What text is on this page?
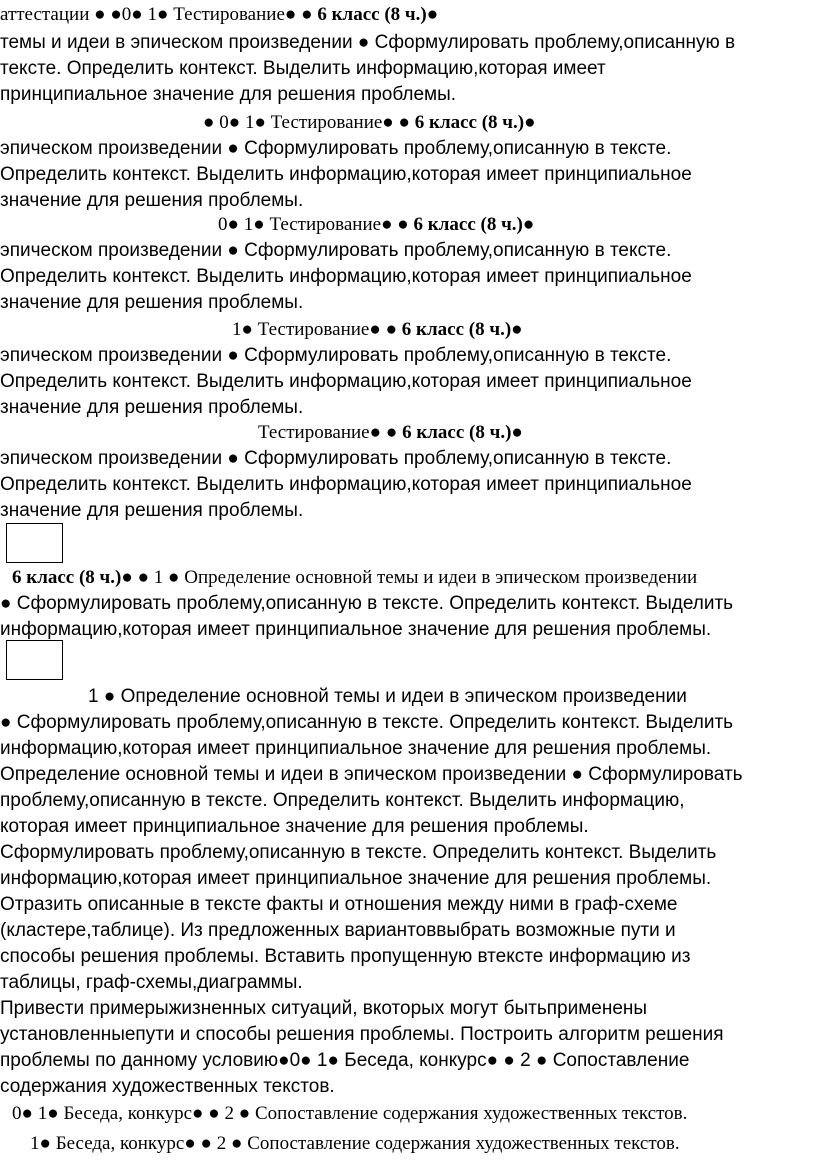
аттестации ● ●0● 1● Тестирование● ● 6 класс (8 ч.)●
темы и идеи в эпическом произведении ● Сформулировать проблему,описанную в
тексте. Определить контекст. Выделить информацию,которая имеет
принципиальное значение для решения проблемы.
● 0● 1● Тестирование● ● 6 класс (8 ч.)●
эпическом произведении ● Сформулировать проблему,описанную в тексте.
Определить контекст. Выделить информацию,которая имеет принципиальное
значение для решения проблемы.
0● 1● Тестирование● ● 6 класс (8 ч.)●
эпическом произведении ● Сформулировать проблему,описанную в тексте.
Определить контекст. Выделить информацию,которая имеет принципиальное
значение для решения проблемы.
1● Тестирование● ● 6 класс (8 ч.)●
эпическом произведении ● Сформулировать проблему,описанную в тексте.
Определить контекст. Выделить информацию,которая имеет принципиальное
значение для решения проблемы.
Тестирование● ● 6 класс (8 ч.)●
эпическом произведении ● Сформулировать проблему,описанную в тексте.
Определить контекст. Выделить информацию,которая имеет принципиальное
значение для решения проблемы.
6 класс (8 ч.)● ● 1 ● Определение основной темы и идеи в эпическом произведении
● Сформулировать проблему,описанную в тексте. Определить контекст. Выделить
информацию,которая имеет принципиальное значение для решения проблемы.
1 ● Определение основной темы и идеи в эпическом произведении
● Сформулировать проблему,описанную в тексте. Определить контекст. Выделить
информацию,которая имеет принципиальное значение для решения проблемы.
Определение основной темы и идеи в эпическом произведении ● Сформулировать
проблему,описанную в тексте. Определить контекст. Выделить информацию,
которая имеет принципиальное значение для решения проблемы.
Сформулировать проблему,описанную в тексте. Определить контекст. Выделить
информацию,которая имеет принципиальное значение для решения проблемы.
Отразить описанные в тексте факты и отношения между ними в граф-схеме
(кластере,таблице). Из предложенных вариантоввыбрать возможные пути и
способы решения проблемы. Вставить пропущенную втексте информацию из
таблицы, граф-схемы,диаграммы.
Привести примерыжизненных ситуаций, вкоторых могут бытьприменены
установленныепути и способы решения проблемы. Построить алгоритм решения
проблемы по данному условию●0● 1● Беседа, конкурс● ● 2 ● Сопоставление
содержания художественных текстов.
0● 1● Беседа, конкурс● ● 2 ● Сопоставление содержания художественных текстов.
1● Беседа, конкурс● ● 2 ● Сопоставление содержания художественных текстов.
